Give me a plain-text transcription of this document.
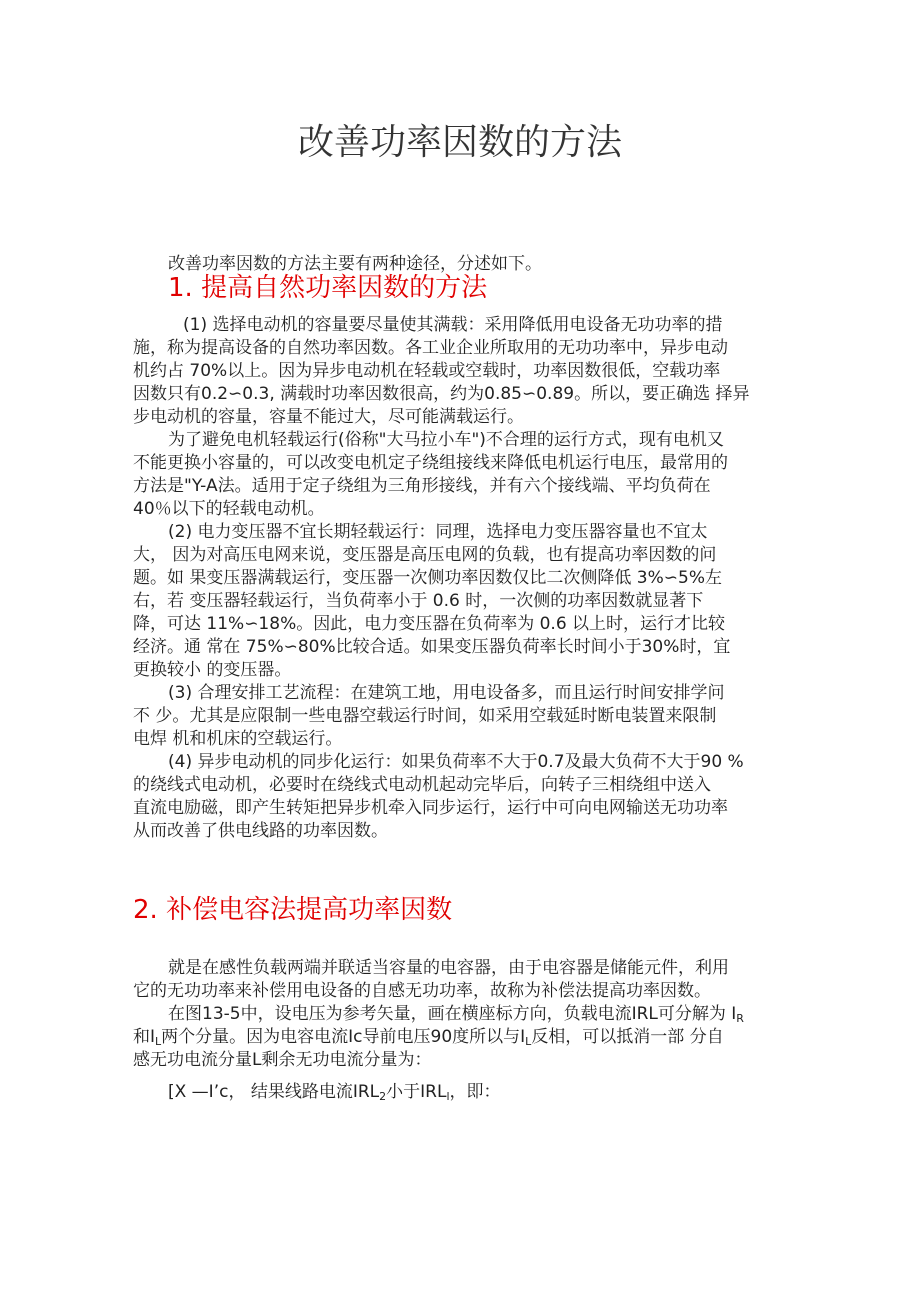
改善功率因数的方法
改善功率因数的方法主要有两种途径，分述如下。
1. 提高自然功率因数的方法
(1) 选择电动机的容量要尽量使其满载：采用降低用电设备无功功率的措
施，称为提高设备的自然功率因数。各工业企业所取用的无功功率中，异步电动
机约占 70%以上。因为异步电动机在轻载或空载时，功率因数很低，空载功率
因数只有0.2∽0.3, 满载时功率因数很高，约为0.85∽0.89。所以，要正确选 择异
步电动机的容量，容量不能过大，尽可能满载运行。
为了避免电机轻载运行(俗称"大马拉小车")不合理的运行方式，现有电机又
不能更换小容量的，可以改变电机定子绕组接线来降低电机运行电压，最常用的
方法是"Y-A法。适用于定子绕组为三角形接线，并有六个接线端、平均负荷在
40％以下的轻载电动机。
(2) 电力变压器不宜长期轻载运行：同理，选择电力变压器容量也不宜太
大， 因为对高压电网来说，变压器是高压电网的负载，也有提高功率因数的问
题。如 果变压器满载运行，变压器一次侧功率因数仅比二次侧降低 3%∽5%左
右，若 变压器轻载运行，当负荷率小于 0.6 时，一次侧的功率因数就显著下
降，可达 11%∽18%。因此，电力变压器在负荷率为 0.6 以上时，运行才比较
经济。通 常在 75%∽80%比较合适。如果变压器负荷率长时间小于30%时，宜
更换较小 的变压器。
(3) 合理安排工艺流程：在建筑工地，用电设备多，而且运行时间安排学问
不 少。尤其是应限制一些电器空载运行时间，如采用空载延时断电装置来限制
电焊 机和机床的空载运行。
(4) 异步电动机的同步化运行：如果负荷率不大于0.7及最大负荷不大于90 %
的绕线式电动机，必要时在绕线式电动机起动完毕后，向转子三相绕组中送入
直流电励磁，即产生转矩把异步机牵入同步运行，运行中可向电网输送无功功率
从而改善了供电线路的功率因数。
2. 补偿电容法提高功率因数
就是在感性负载两端并联适当容量的电容器，由于电容器是储能元件，利用
它的无功功率来补偿用电设备的自感无功功率，故称为补偿法提高功率因数。
在图13-5中，设电压为参考矢量，画在横座标方向，负载电流IRL可分解为 $I_R$
和$I_L$两个分量。因为电容电流Ic导前电压90度所以与$I_L$反相，可以抵消一部 分自
感无功电流分量L剩余无功电流分量为：
[X —I’c， 结果线路电流$IRL_2$小于$IRL_l$，即：
